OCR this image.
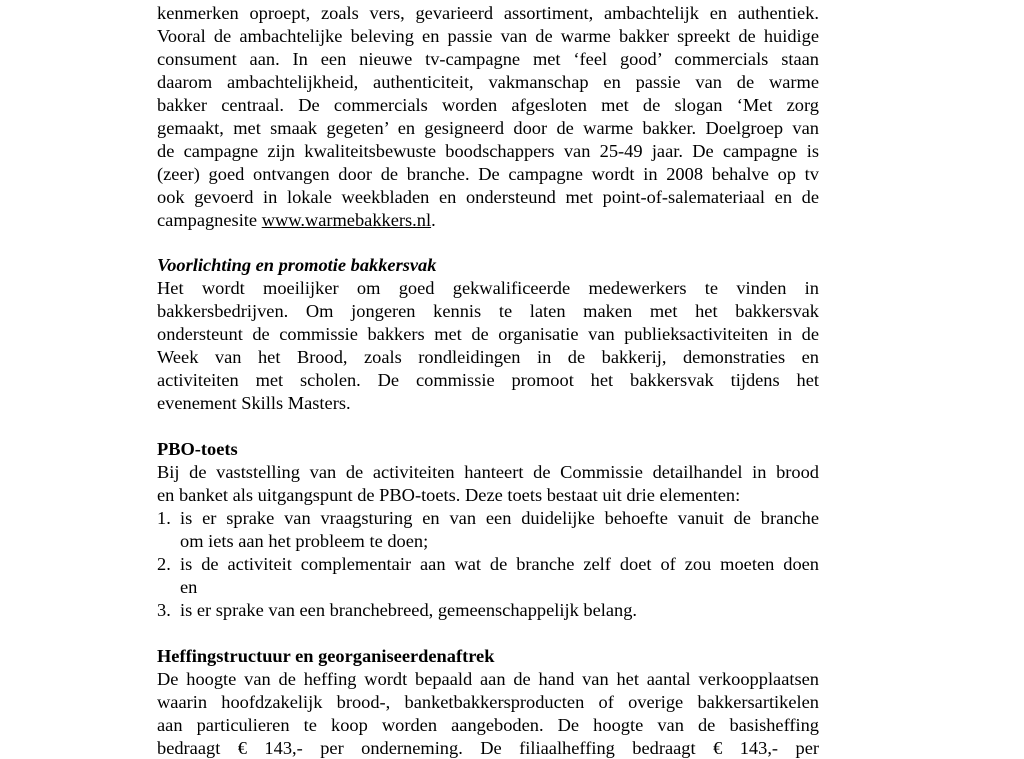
kenmerken oproept, zoals vers, gevarieerd assortiment, ambachtelijk en authentiek.
Vooral de ambachtelijke beleving en passie van de warme bakker spreekt de huidige
consument aan. In een nieuwe tv-campagne met ‘feel good’ commercials staan
daarom ambachtelijkheid, authenticiteit, vakmanschap en passie van de warme
bakker centraal. De commercials worden afgesloten met de slogan ‘Met zorg
gemaakt, met smaak gegeten’ en gesigneerd door de warme bakker. Doelgroep van
de campagne zijn kwaliteitsbewuste boodschappers van 25-49 jaar. De campagne is
(zeer) goed ontvangen door de branche. De campagne wordt in 2008 behalve op tv
ook gevoerd in lokale weekbladen en ondersteund met point-of-salemateriaal en de
campagnesite www.warmebakkers.nl.
Voorlichting en promotie bakkersvak
Het wordt moeilijker om goed gekwalificeerde medewerkers te vinden in
bakkersbedrijven. Om jongeren kennis te laten maken met het bakkersvak
ondersteunt de commissie bakkers met de organisatie van publieksactiviteiten in de
Week van het Brood, zoals rondleidingen in de bakkerij, demonstraties en
activiteiten met scholen. De commissie promoot het bakkersvak tijdens het
evenement Skills Masters.
PBO-toets
Bij de vaststelling van de activiteiten hanteert de Commissie detailhandel in brood
en banket als uitgangspunt de PBO-toets. Deze toets bestaat uit drie elementen:
1. is er sprake van vraagsturing en van een duidelijke behoefte vanuit de branche
om iets aan het probleem te doen;
2. is de activiteit complementair aan wat de branche zelf doet of zou moeten doen
en
3. is er sprake van een branchebreed, gemeenschappelijk belang.
Heffingstructuur en georganiseerdenaftrek
De hoogte van de heffing wordt bepaald aan de hand van het aantal verkoopplaatsen
waarin hoofdzakelijk brood-, banketbakkersproducten of overige bakkersartikelen
aan particulieren te koop worden aangeboden. De hoogte van de basisheffing
bedraagt € 143,- per onderneming. De filiaalheffing bedraagt € 143,- per
